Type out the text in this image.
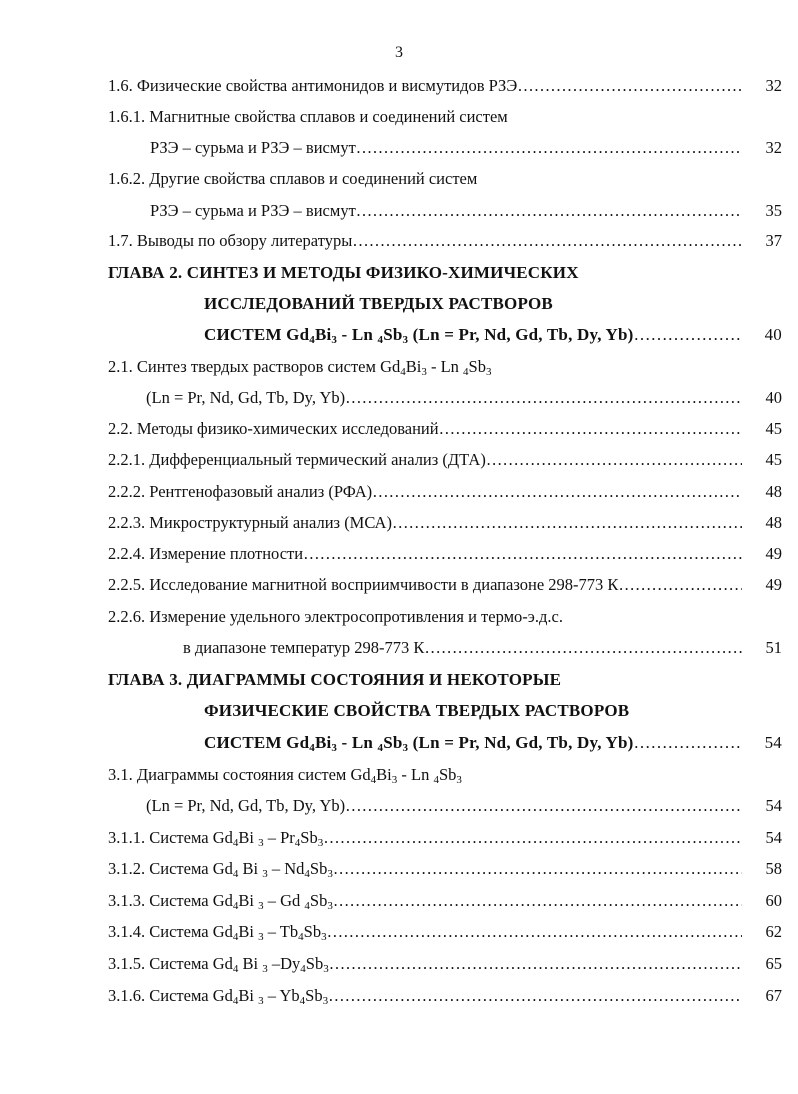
3
1.6. Физические свойства антимонидов и висмутидов РЗЭ …………………………………………………………………………………………………………………………………………………………………………………	32
1.6.1. Магнитные свойства сплавов и соединений систем
РЗЭ – сурьма и РЗЭ – висмут …………………………………………………………………………………………………………………………………………………………………………………	32
1.6.2. Другие свойства сплавов и соединений систем
РЗЭ – сурьма и РЗЭ – висмут …………………………………………………………………………………………………………………………………………………………………………………	35
1.7. Выводы по обзору литературы …………………………………………………………………………………………………………………………………………………………………………………	37
ГЛАВА 2. СИНТЕЗ И МЕТОДЫ ФИЗИКО-ХИМИЧЕСКИХ
ИССЛЕДОВАНИЙ ТВЕРДЫХ РАСТВОРОВ
СИСТЕМ $Gd_4Bi_3$ - Ln $_4Sb_3$ (Ln = Pr, Nd, Gd, Tb, Dy, Yb) …………………………………………………………………………………………………………………………………………………………………………………	40
2.1. Синтез твердых растворов систем $Gd_4Bi_3$ - Ln $_4Sb_3$
(Ln = Pr, Nd, Gd, Tb, Dy, Yb) …………………………………………………………………………………………………………………………………………………………………………………	40
2.2. Методы физико-химических исследований …………………………………………………………………………………………………………………………………………………………………………………	45
2.2.1. Дифференциальный термический анализ (ДТА) …………………………………………………………………………………………………………………………………………………………………………………	45
2.2.2. Рентгенофазовый анализ (РФА) …………………………………………………………………………………………………………………………………………………………………………………	48
2.2.3. Микроструктурный анализ (МСА) …………………………………………………………………………………………………………………………………………………………………………………	48
2.2.4. Измерение плотности …………………………………………………………………………………………………………………………………………………………………………………	49
2.2.5. Исследование магнитной восприимчивости в диапазоне 298-773 К …………………………………………………………………………………………………………………………………………………………………………………	49
2.2.6. Измерение удельного электросопротивления и термо-э.д.с.
в диапазоне температур 298-773 К …………………………………………………………………………………………………………………………………………………………………………………	51
ГЛАВА 3. ДИАГРАММЫ СОСТОЯНИЯ И НЕКОТОРЫЕ
ФИЗИЧЕСКИЕ СВОЙСТВА ТВЕРДЫХ РАСТВОРОВ
СИСТЕМ $Gd_4Bi_3$ - Ln $_4Sb_3$ (Ln = Pr, Nd, Gd, Tb, Dy, Yb) …………………………………………………………………………………………………………………………………………………………………………………	54
3.1. Диаграммы состояния систем $Gd_4Bi_3$ - Ln $_4Sb_3$
(Ln = Pr, Nd, Gd, Tb, Dy, Yb) …………………………………………………………………………………………………………………………………………………………………………………	54
3.1.1. Система $Gd_4Bi$ $_3 - Pr_4Sb_3$ …………………………………………………………………………………………………………………………………………………………………………………	54
3.1.2. Система $Gd_4$ Bi $_3 - Nd_4Sb_3$ …………………………………………………………………………………………………………………………………………………………………………………	58
3.1.3. Система $Gd_4Bi$ $_3$ – Gd $_4Sb_3$ …………………………………………………………………………………………………………………………………………………………………………………	60
3.1.4. Система $Gd_4Bi$ $_3 - Tb_4Sb_3$ …………………………………………………………………………………………………………………………………………………………………………………	62
3.1.5. Система $Gd_4$ Bi $_3$ $-Dy_4Sb_3$ …………………………………………………………………………………………………………………………………………………………………………………	65
3.1.6. Система $Gd_4Bi$ $_3 - Yb_4Sb_3$ …………………………………………………………………………………………………………………………………………………………………………………	67
